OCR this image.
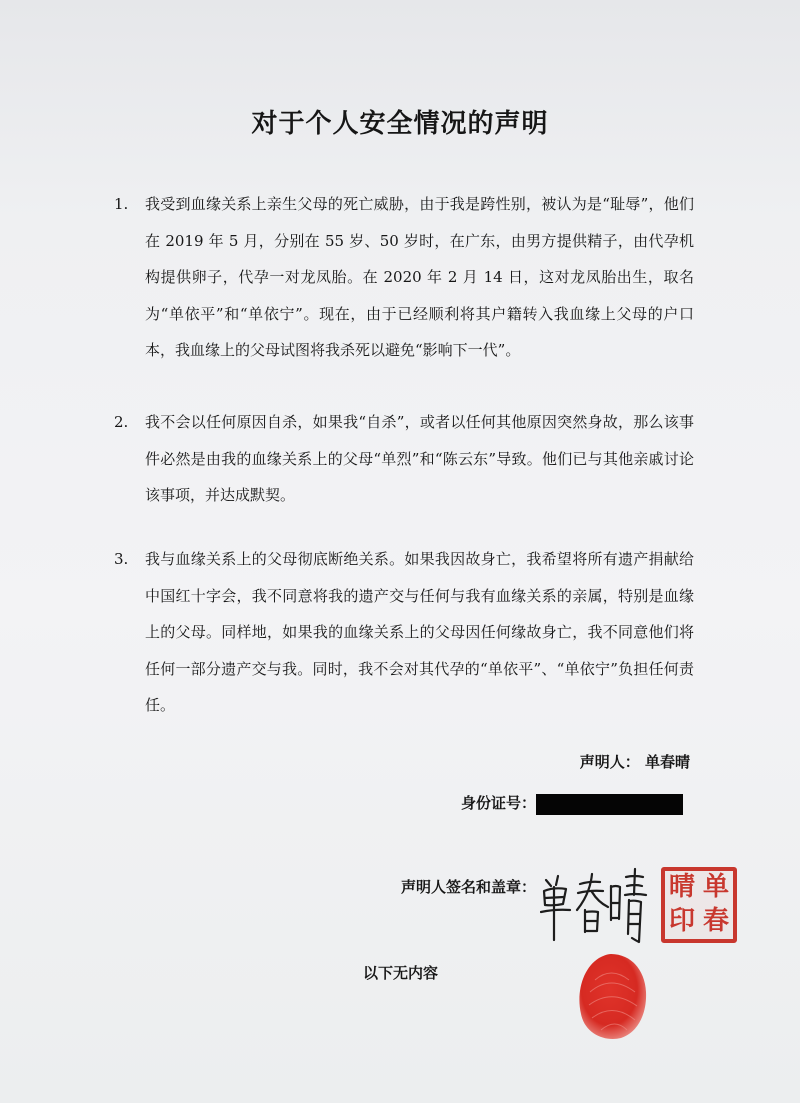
对于个人安全情况的声明
1.	我受到血缘关系上亲生父母的死亡威胁，由于我是跨性别，被认为是“耻辱”，他们在 2019 年 5 月，分别在 55 岁、50 岁时，在广东，由男方提供精子，由代孕机构提供卵子，代孕一对龙凤胎。在 2020 年 2 月 14 日，这对龙凤胎出生，取名为“单依平”和“单依宁”。现在，由于已经顺利将其户籍转入我血缘上父母的户口本，我血缘上的父母试图将我杀死以避免“影响下一代”。
2.	我不会以任何原因自杀，如果我“自杀”，或者以任何其他原因突然身故，那么该事件必然是由我的血缘关系上的父母“单烈”和“陈云东”导致。他们已与其他亲戚讨论该事项，并达成默契。
3.	我与血缘关系上的父母彻底断绝关系。如果我因故身亡，我希望将所有遗产捐献给中国红十字会，我不同意将我的遗产交与任何与我有血缘关系的亲属，特别是血缘上的父母。同样地，如果我的血缘关系上的父母因任何缘故身亡，我不同意他们将任何一部分遗产交与我。同时，我不会对其代孕的“单依平”、“单依宁”负担任何责任。
声明人： 单春晴
身份证号：
声明人签名和盖章：	晴 单
印 春
以下无内容
